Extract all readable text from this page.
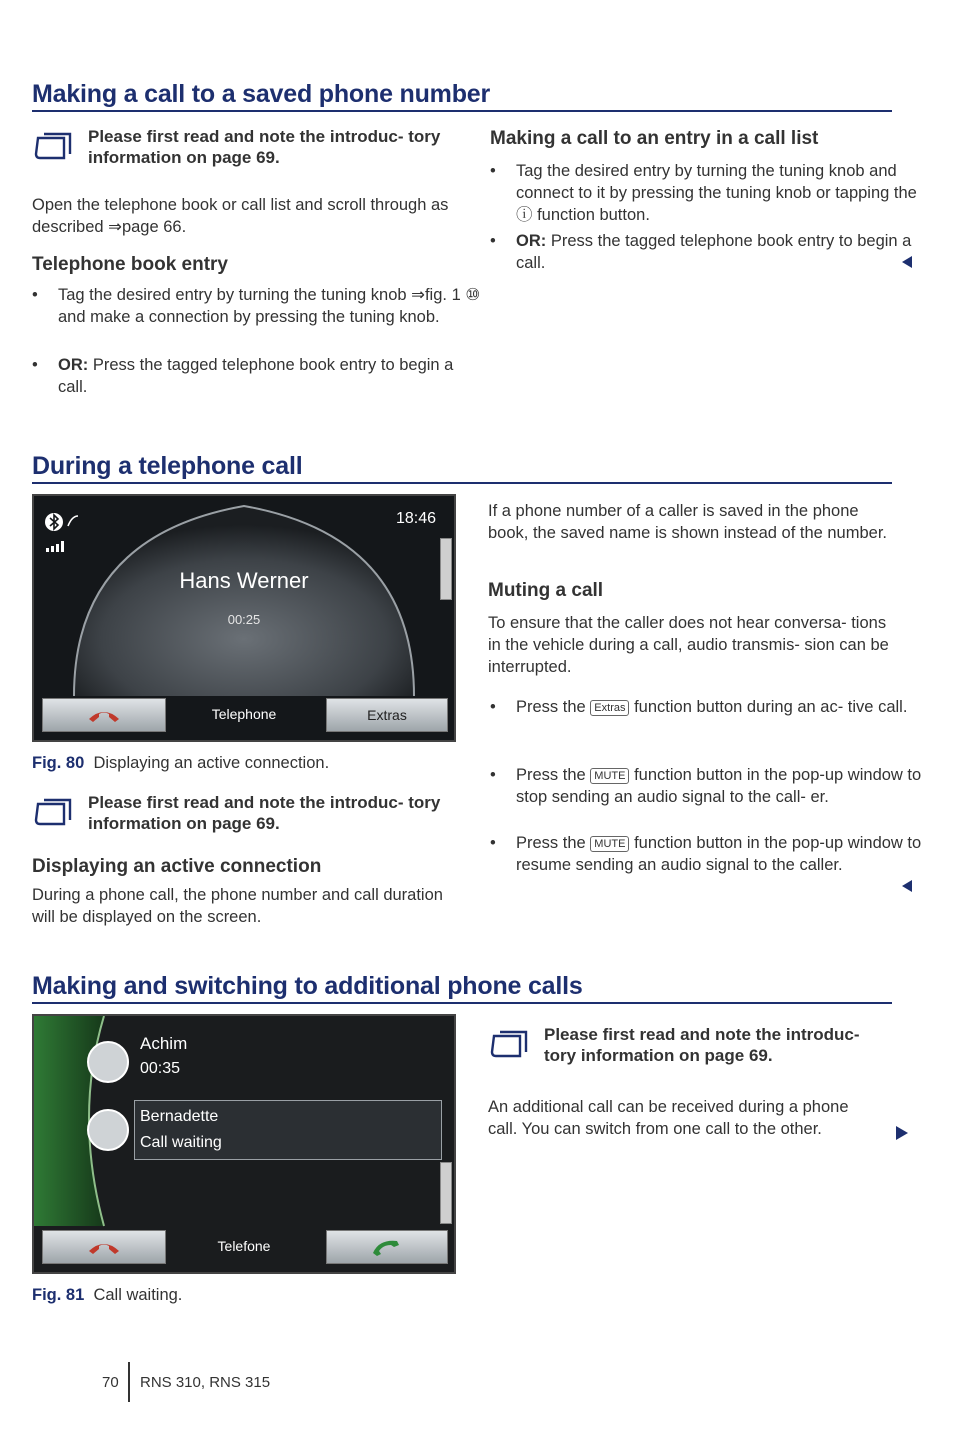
Making a call to a saved phone number
Please first read and note the introduc- tory information on page 69.
Open the telephone book or call list and scroll through as described ⇒page 66.
Telephone book entry
• Tag the desired entry by turning the tuning knob ⇒fig. 1 ⑩ and make a connection by pressing the tuning knob.
• OR: Press the tagged telephone book entry to begin a call.
Making a call to an entry in a call list
• Tag the desired entry by turning the tuning knob and connect to it by pressing the tuning knob or tapping the ⓘ function button.
• OR: Press the tagged telephone book entry to begin a call.
During a telephone call
18:46
Hans Werner
00:25
Telephone	Extras
Fig. 80 Displaying an active connection.
Please first read and note the introduc- tory information on page 69.
Displaying an active connection
During a phone call, the phone number and call duration will be displayed on the screen.
If a phone number of a caller is saved in the phone book, the saved name is shown instead of the number.
Muting a call
To ensure that the caller does not hear conversa- tions in the vehicle during a call, audio transmis- sion can be interrupted.
• Press the Extras function button during an ac- tive call.
• Press the MUTE function button in the pop-up window to stop sending an audio signal to the call- er.
• Press the MUTE function button in the pop-up window to resume sending an audio signal to the caller.
Making and switching to additional phone calls
Achim
00:35
Bernadette
Call waiting
Telefone
Fig. 81 Call waiting.
Please first read and note the introduc- tory information on page 69.
An additional call can be received during a phone call. You can switch from one call to the other.
70 RNS 310, RNS 315
